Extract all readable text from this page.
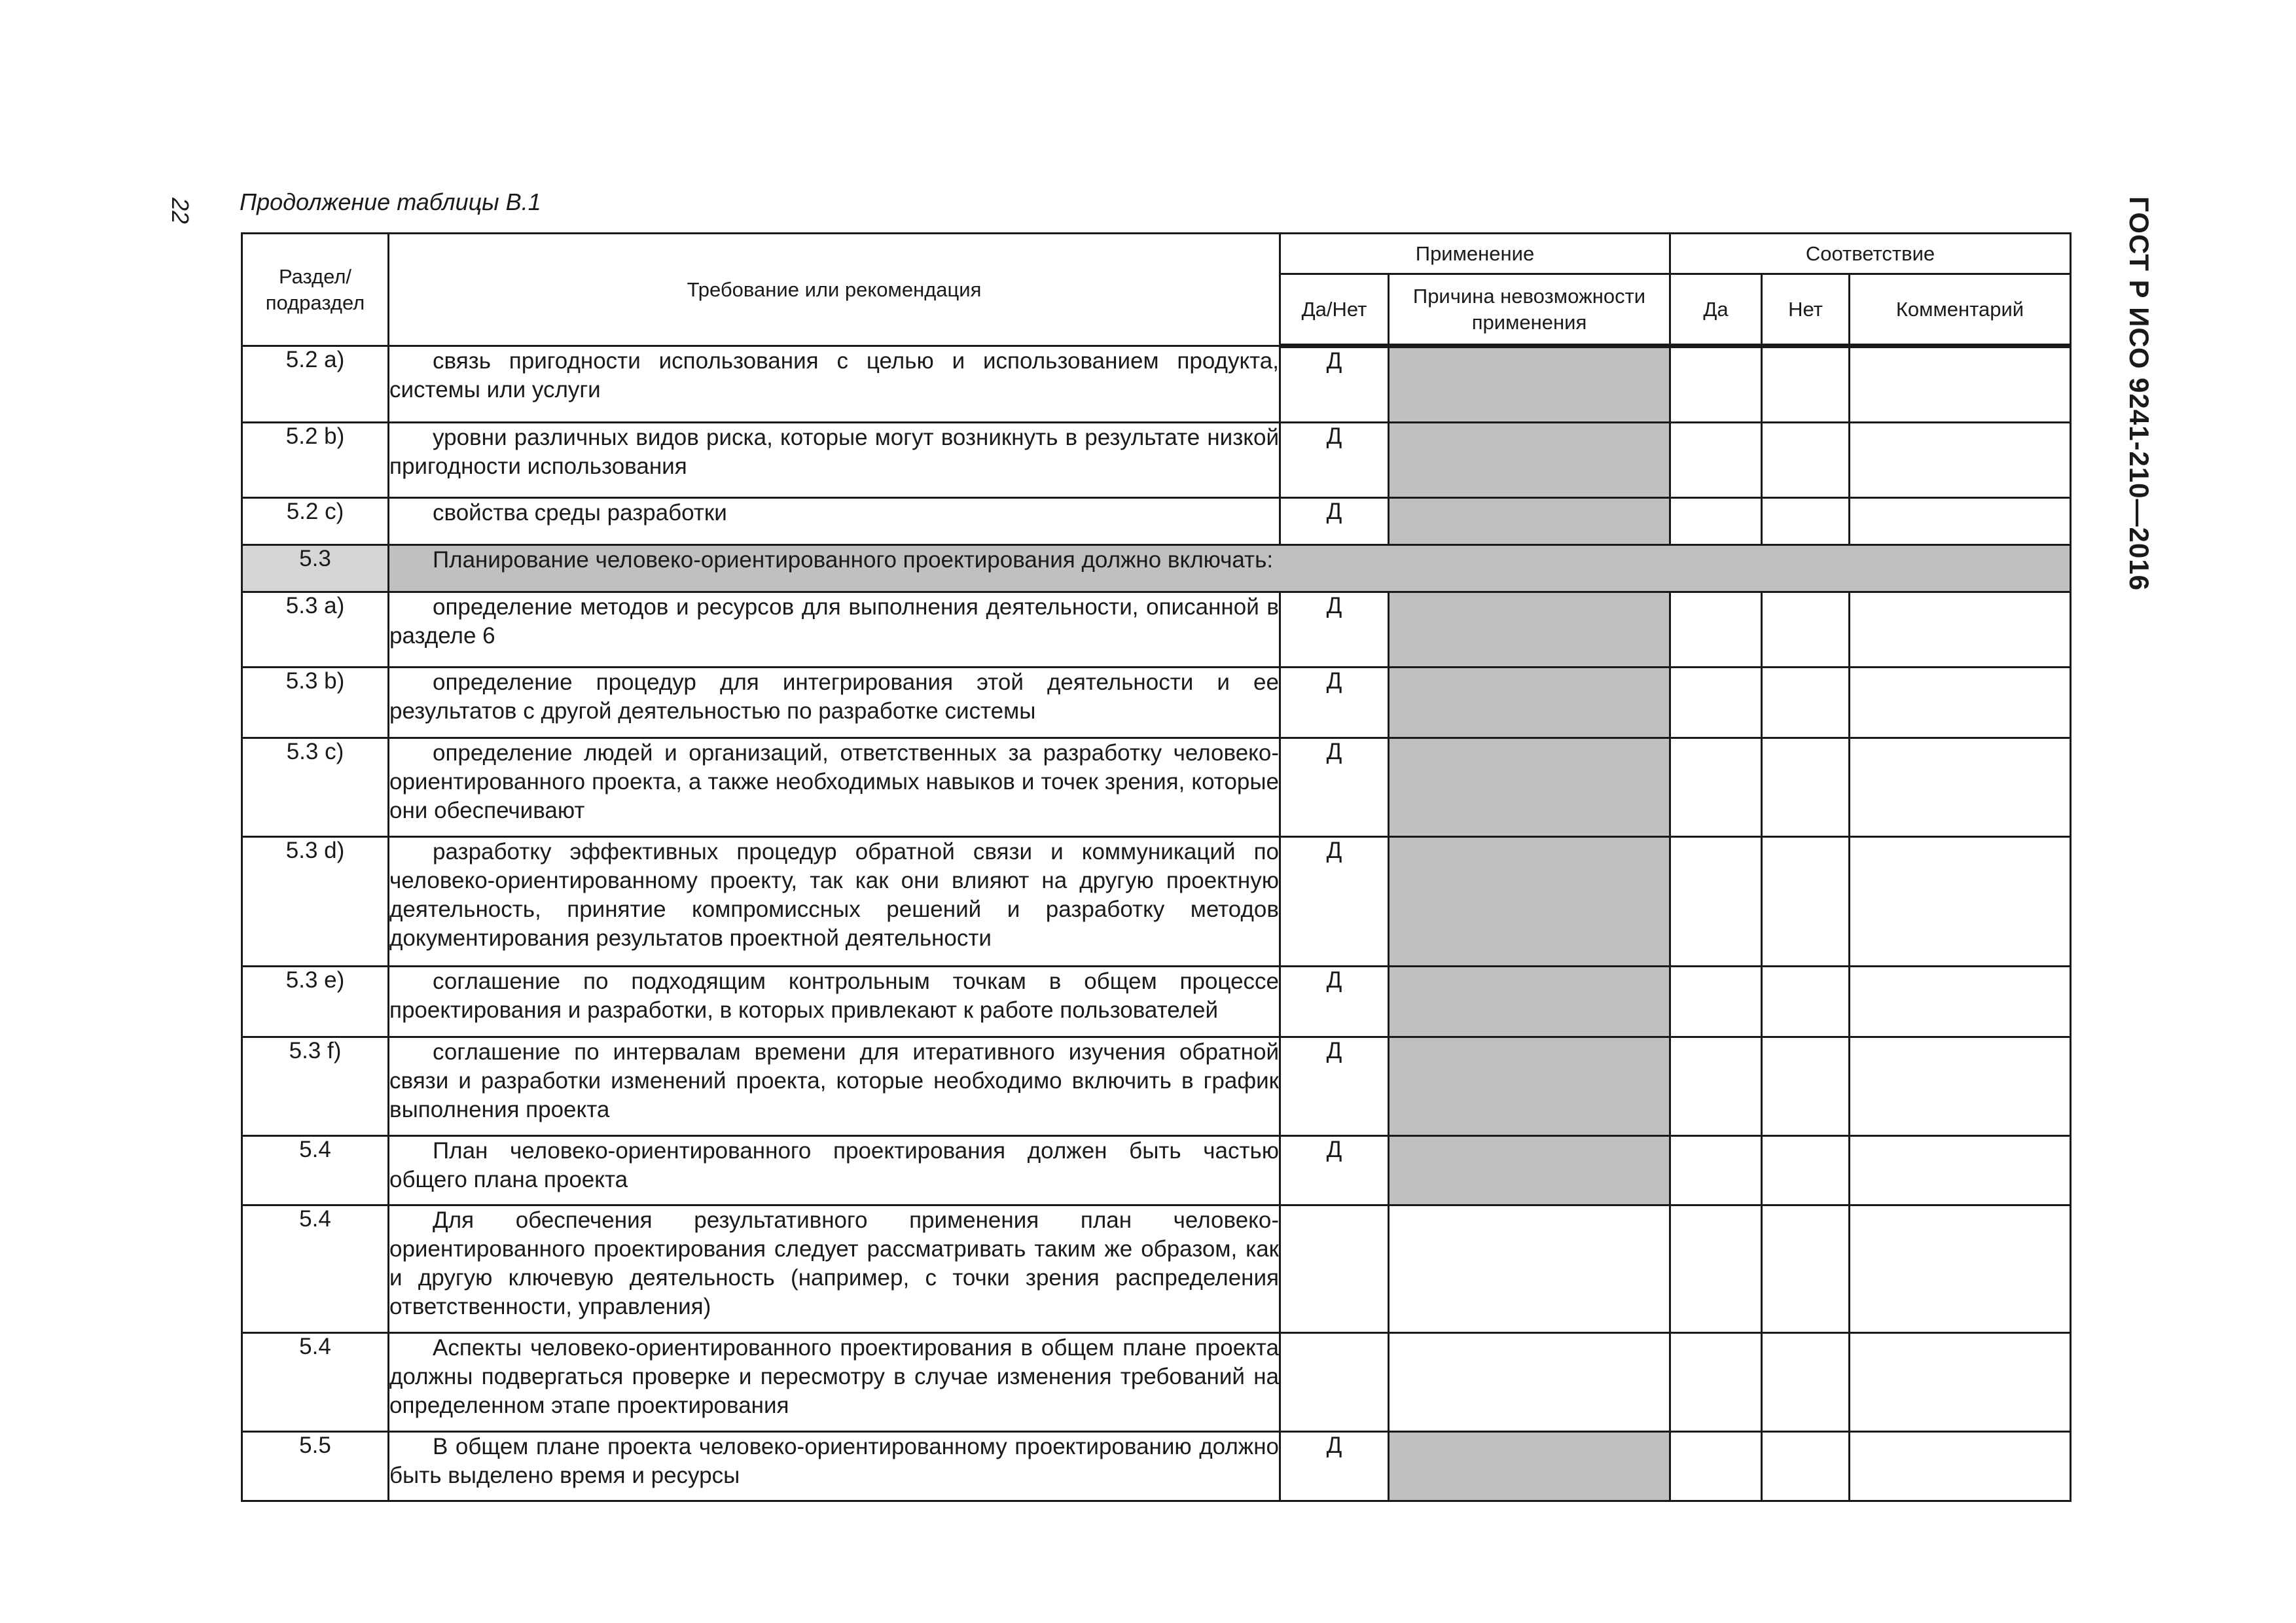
22 Продолжение таблицы В.1	ГОСТ Р ИСО 9241-210—2016
Раздел/ подраздел	Требование или рекомендация	Применение		Соответствие		
		Да/Нет	Причина невозможности применения	Да	Нет	Комментарий
5.2 a)	связь пригодности использования с целью и использованием продукта, системы или услуги	Д				
5.2 b)	уровни различных видов риска, которые могут возникнуть в результате низкой пригодности использования	Д				
5.2 c)	свойства среды разработки	Д				
5.3	Планирование человеко-ориентированного проектирования должно включать:					
5.3 a)	определение методов и ресурсов для выполнения деятельности, описанной в разделе 6	Д				
5.3 b)	определение процедур для интегрирования этой деятельности и ее результатов с другой деятельностью по разработке системы	Д				
5.3 c)	определение людей и организаций, ответственных за разработку человеко-ориентированного проекта, а также необходимых навыков и точек зрения, которые они обеспечивают	Д				
5.3 d)	разработку эффективных процедур обратной связи и коммуникаций по человеко-ориентированному проекту, так как они влияют на другую проектную деятельность, принятие компромиссных решений и разработку методов документирования результатов проектной деятельности	Д				
5.3 e)	соглашение по подходящим контрольным точкам в общем процессе проектирования и разработки, в которых привлекают к работе пользователей	Д				
5.3 f)	соглашение по интервалам времени для итеративного изучения обратной связи и разработки изменений проекта, которые необходимо включить в график выполнения проекта	Д				
5.4	План человеко-ориентированного проектирования должен быть частью общего плана проекта	Д				
5.4	Для обеспечения результативного применения план человеко-ориентированного проектирования следует рассматривать таким же образом, как и другую ключевую деятельность (например, с точки зрения распределения ответственности, управления)					
5.4	Аспекты человеко-ориентированного проектирования в общем плане проекта должны подвергаться проверке и пересмотру в случае изменения требований на определенном этапе проектирования					
5.5	В общем плане проекта человеко-ориентированному проектированию должно быть выделено время и ресурсы	Д				
